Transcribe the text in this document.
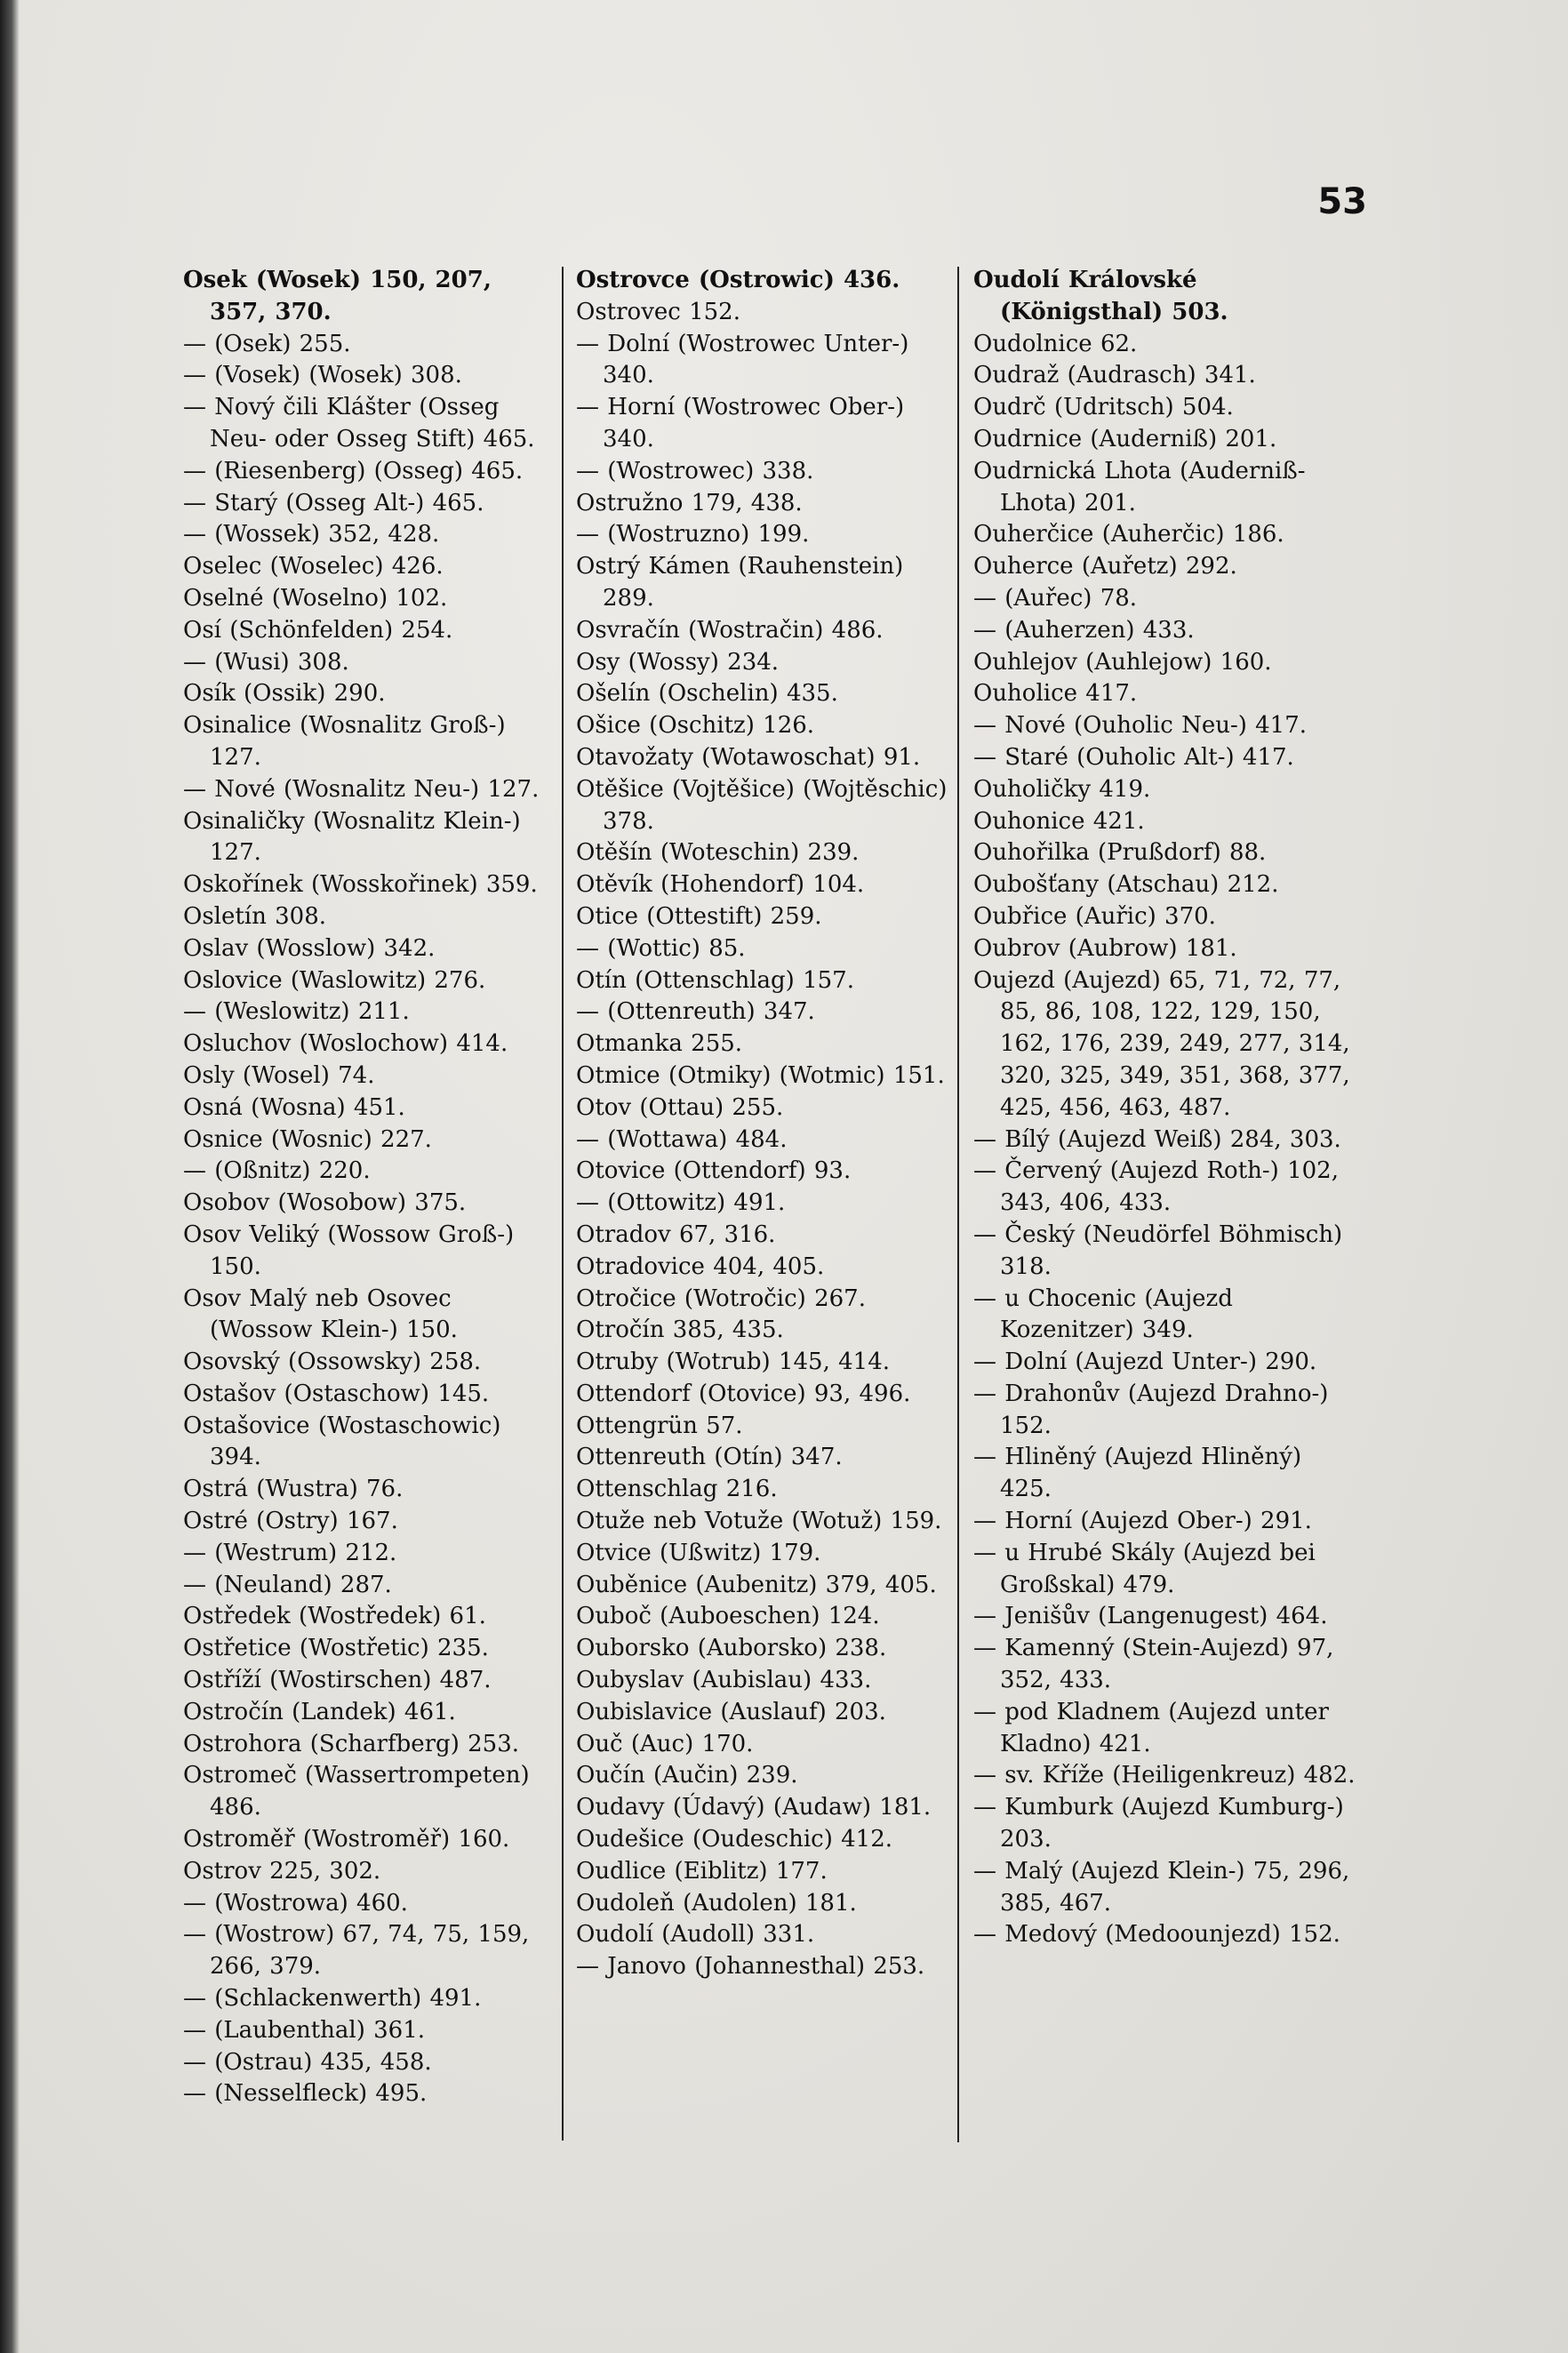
53
Osek (Wosek) 150, 207, 357, 370.
— (Osek) 255.
— (Vosek) (Wosek) 308.
— Nový čili Klášter (Osseg Neu- oder Osseg Stift) 465.
— (Riesenberg) (Osseg) 465.
— Starý (Osseg Alt-) 465.
— (Wossek) 352, 428.
Oselec (Woselec) 426.
Oselné (Woselno) 102.
Osí (Schönfelden) 254.
— (Wusi) 308.
Osík (Ossik) 290.
Osinalice (Wosnalitz Groß-) 127.
— Nové (Wosnalitz Neu-) 127.
Osinaličky (Wosnalitz Klein-) 127.
Oskořínek (Wosskořinek) 359.
Osletín 308.
Oslav (Wosslow) 342.
Oslovice (Waslowitz) 276.
— (Weslowitz) 211.
Osluchov (Woslochow) 414.
Osly (Wosel) 74.
Osná (Wosna) 451.
Osnice (Wosnic) 227.
— (Oßnitz) 220.
Osobov (Wosobow) 375.
Osov Veliký (Wossow Groß-) 150.
Osov Malý neb Osovec (Wossow Klein-) 150.
Osovský (Ossowsky) 258.
Ostašov (Ostaschow) 145.
Ostašovice (Wostaschowic) 394.
Ostrá (Wustra) 76.
Ostré (Ostry) 167.
— (Westrum) 212.
— (Neuland) 287.
Ostředek (Wostředek) 61.
Ostřetice (Wostřetic) 235.
Ostříží (Wostirschen) 487.
Ostročín (Landek) 461.
Ostrohora (Scharfberg) 253.
Ostromeč (Wassertrompeten) 486.
Ostroměř (Wostroměř) 160.
Ostrov 225, 302.
— (Wostrowa) 460.
— (Wostrow) 67, 74, 75, 159, 266, 379.
— (Schlackenwerth) 491.
— (Laubenthal) 361.
— (Ostrau) 435, 458.
— (Nesselfleck) 495.
Ostrovce (Ostrowic) 436.
Ostrovec 152.
— Dolní (Wostrowec Unter-) 340.
— Horní (Wostrowec Ober-) 340.
— (Wostrowec) 338.
Ostružno 179, 438.
— (Wostruzno) 199.
Ostrý Kámen (Rauhenstein) 289.
Osvračín (Wostračin) 486.
Osy (Wossy) 234.
Ošelín (Oschelin) 435.
Ošice (Oschitz) 126.
Otavožaty (Wotawoschat) 91.
Otěšice (Vojtěšice) (Wojtěschic) 378.
Otěšín (Woteschin) 239.
Otěvík (Hohendorf) 104.
Otice (Ottestift) 259.
— (Wottic) 85.
Otín (Ottenschlag) 157.
— (Ottenreuth) 347.
Otmanka 255.
Otmice (Otmiky) (Wotmic) 151.
Otov (Ottau) 255.
— (Wottawa) 484.
Otovice (Ottendorf) 93.
— (Ottowitz) 491.
Otradov 67, 316.
Otradovice 404, 405.
Otročice (Wotročic) 267.
Otročín 385, 435.
Otruby (Wotrub) 145, 414.
Ottendorf (Otovice) 93, 496.
Ottengrün 57.
Ottenreuth (Otín) 347.
Ottenschlag 216.
Otuže neb Votuže (Wotuž) 159.
Otvice (Ußwitz) 179.
Ouběnice (Aubenitz) 379, 405.
Ouboč (Auboeschen) 124.
Ouborsko (Auborsko) 238.
Oubyslav (Aubislau) 433.
Oubislavice (Auslauf) 203.
Ouč (Auc) 170.
Oučín (Aučin) 239.
Oudavy (Údavý) (Audaw) 181.
Oudešice (Oudeschic) 412.
Oudlice (Eiblitz) 177.
Oudoleň (Audolen) 181.
Oudolí (Audoll) 331.
— Janovo (Johannesthal) 253.
Oudolí Královské (Königsthal) 503.
Oudolnice 62.
Oudraž (Audrasch) 341.
Oudrč (Udritsch) 504.
Oudrnice (Auderniß) 201.
Oudrnická Lhota (Auderniß-Lhota) 201.
Ouherčice (Auherčic) 186.
Ouherce (Auřetz) 292.
— (Auřec) 78.
— (Auherzen) 433.
Ouhlejov (Auhlejow) 160.
Ouholice 417.
— Nové (Ouholic Neu-) 417.
— Staré (Ouholic Alt-) 417.
Ouholičky 419.
Ouhonice 421.
Ouhořilka (Prußdorf) 88.
Oubošťany (Atschau) 212.
Oubřice (Auřic) 370.
Oubrov (Aubrow) 181.
Oujezd (Aujezd) 65, 71, 72, 77, 85, 86, 108, 122, 129, 150, 162, 176, 239, 249, 277, 314, 320, 325, 349, 351, 368, 377, 425, 456, 463, 487.
— Bílý (Aujezd Weiß) 284, 303.
— Červený (Aujezd Roth-) 102, 343, 406, 433.
— Český (Neudörfel Böhmisch) 318.
— u Chocenic (Aujezd Kozenitzer) 349.
— Dolní (Aujezd Unter-) 290.
— Drahonův (Aujezd Drahno-) 152.
— Hliněný (Aujezd Hliněný) 425.
— Horní (Aujezd Ober-) 291.
— u Hrubé Skály (Aujezd bei Großskal) 479.
— Jenišův (Langenugest) 464.
— Kamenný (Stein-Aujezd) 97, 352, 433.
— pod Kladnem (Aujezd unter Kladno) 421.
— sv. Kříže (Heiligenkreuz) 482.
— Kumburk (Aujezd Kumburg-) 203.
— Malý (Aujezd Klein-) 75, 296, 385, 467.
— Medový (Medoounjezd) 152.
